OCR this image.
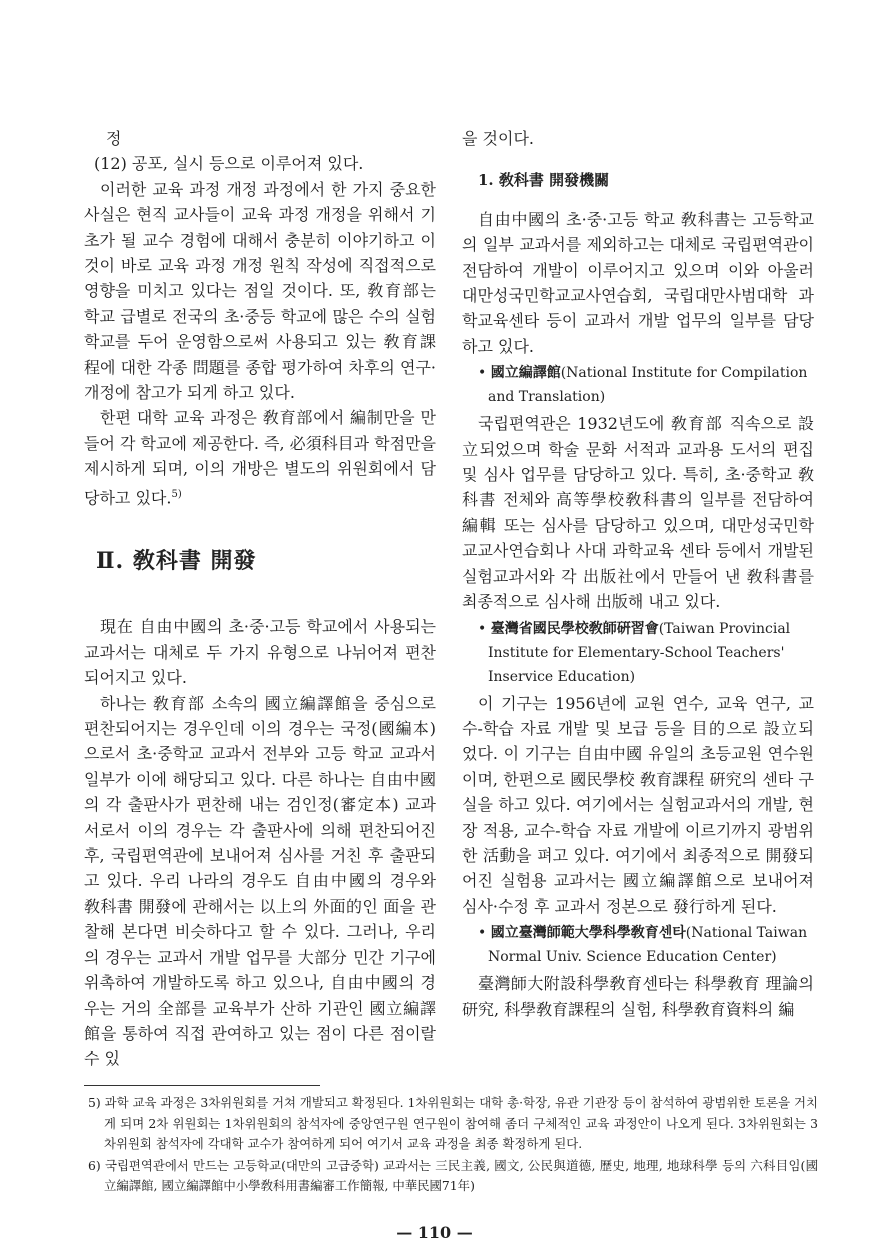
정

(12) 공포, 실시 등으로 이루어져 있다.

이러한 교육 과정 개정 과정에서 한 가지 중요한 사실은 현직 교사들이 교육 과정 개정을 위해서 기초가 될 교수 경험에 대해서 충분히 이야기하고 이것이 바로 교육 과정 개정 원칙 작성에 직접적으로 영향을 미치고 있다는 점일 것이다. 또, 敎育部는 학교 급별로 전국의 초·중등 학교에 많은 수의 실험 학교를 두어 운영함으로써 사용되고 있는 敎育課程에 대한 각종 問題를 종합 평가하여 차후의 연구·개정에 참고가 되게 하고 있다.

한편 대학 교육 과정은 敎育部에서 編制만을 만들어 각 학교에 제공한다. 즉, 必須科目과 학점만을 제시하게 되며, 이의 개방은 별도의 위원회에서 담당하고 있다.$^{5)}$

Ⅱ. 敎科書 開發

現在 自由中國의 초·중·고등 학교에서 사용되는 교과서는 대체로 두 가지 유형으로 나뉘어져 편찬되어지고 있다.

하나는 敎育部 소속의 國立編譯館을 중심으로 편찬되어지는 경우인데 이의 경우는 국정(國編本)으로서 초·중학교 교과서 전부와 고등 학교 교과서 일부가 이에 해당되고 있다. 다른 하나는 自由中國의 각 출판사가 편찬해 내는 검인정(審定本) 교과서로서 이의 경우는 각 출판사에 의해 편찬되어진 후, 국립편역관에 보내어져 심사를 거친 후 출판되고 있다. 우리 나라의 경우도 自由中國의 경우와 敎科書 開發에 관해서는 以上의 外面的인 面을 관찰해 본다면 비슷하다고 할 수 있다. 그러나, 우리의 경우는 교과서 개발 업무를 大部分 민간 기구에 위촉하여 개발하도록 하고 있으나, 自由中國의 경우는 거의 全部를 교육부가 산하 기관인 國立編譯館을 통하여 직접 관여하고 있는 점이 다른 점이랄 수 있

을 것이다.

1. 敎科書 開發機關

自由中國의 초·중·고등 학교 敎科書는 고등학교의 일부 교과서를 제외하고는 대체로 국립편역관이 전담하여 개발이 이루어지고 있으며 이와 아울러 대만성국민학교교사연습회, 국립대만사범대학 과학교육센타 등이 교과서 개발 업무의 일부를 담당하고 있다.

• 國立編譯館(National Institute for Compilation and Translation)

국립편역관은 1932년도에 敎育部 직속으로 設立되었으며 학술 문화 서적과 교과용 도서의 편집 및 심사 업무를 담당하고 있다. 특히, 초·중학교 敎科書 전체와 高等學校敎科書의 일부를 전담하여 編輯 또는 심사를 담당하고 있으며, 대만성국민학교교사연습회나 사대 과학교육 센타 등에서 개발된 실험교과서와 각 出版社에서 만들어 낸 敎科書를 최종적으로 심사해 出版해 내고 있다.

• 臺灣省國民學校敎師硏習會(Taiwan Provincial Institute for Elementary-School Teachers' Inservice Education)

이 기구는 1956년에 교원 연수, 교육 연구, 교수-학습 자료 개발 및 보급 등을 目的으로 設立되었다. 이 기구는 自由中國 유일의 초등교원 연수원이며, 한편으로 國民學校 敎育課程 硏究의 센타 구실을 하고 있다. 여기에서는 실험교과서의 개발, 현장 적용, 교수-학습 자료 개발에 이르기까지 광범위한 活動을 펴고 있다. 여기에서 최종적으로 開發되어진 실험용 교과서는 國立編譯館으로 보내어져 심사·수정 후 교과서 정본으로 發行하게 된다.

• 國立臺灣師範大學科學敎育센타(National Taiwan Normal Univ. Science Education Center)

臺灣師大附設科學敎育센타는 科學敎育 理論의 研究, 科學敎育課程의 실험, 科學敎育資料의 編

5) 과학 교육 과정은 3차위원회를 거쳐 개발되고 확정된다. 1차위원회는 대학 총·학장, 유관 기관장 등이 참석하여 광범위한 토론을 거치게 되며 2차 위원회는 1차위원회의 참석자에 중앙연구원 연구원이 참여해 좀더 구체적인 교육 과정안이 나오게 된다. 3차위원회는 3차위원회 참석자에 각대학 교수가 참여하게 되어 여기서 교육 과정을 최종 확정하게 된다.

6) 국립편역관에서 만드는 고등학교(대만의 고급중학) 교과서는 三民主義, 國文, 公民與道德, 歷史, 地理, 地球科學 등의 六科目임(國立編譯館, 國立編譯館中小學敎科用書編審工作簡報, 中華民國71年)

— 110 —
